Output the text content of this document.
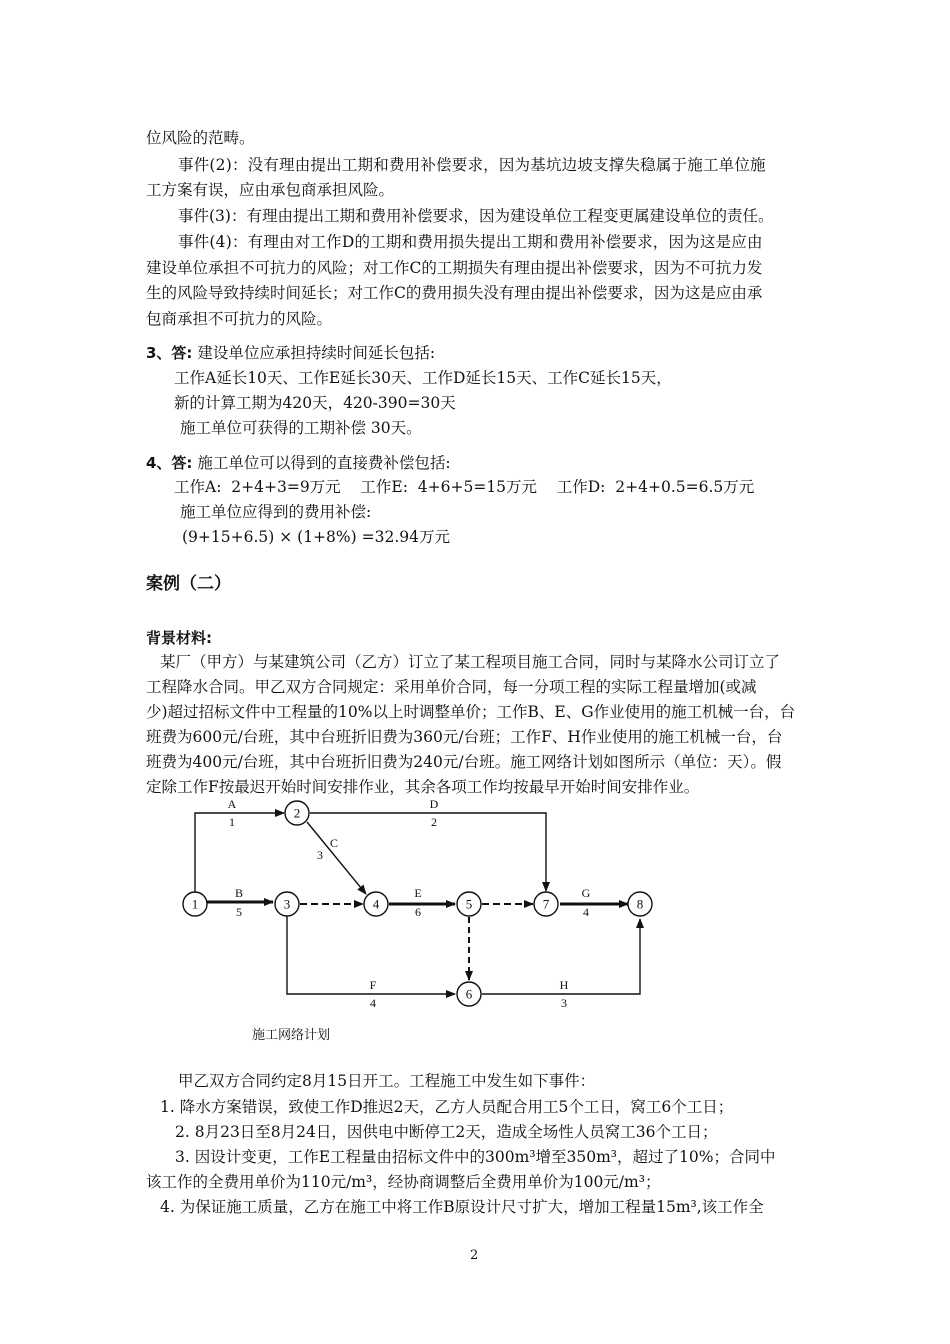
位风险的范畴。
事件(2)：没有理由提出工期和费用补偿要求，因为基坑边坡支撑失稳属于施工单位施
工方案有误，应由承包商承担风险。
事件(3)：有理由提出工期和费用补偿要求，因为建设单位工程变更属建设单位的责任。
事件(4)：有理由对工作D的工期和费用损失提出工期和费用补偿要求，因为这是应由
建设单位承担不可抗力的风险；对工作C的工期损失有理由提出补偿要求，因为不可抗力发
生的风险导致持续时间延长；对工作C的费用损失没有理由提出补偿要求，因为这是应由承
包商承担不可抗力的风险。
3、答: 建设单位应承担持续时间延长包括:
工作A延长10天、工作E延长30天、工作D延长15天、工作C延长15天，
新的计算工期为420天，420-390=30天
施工单位可获得的工期补偿 30天。
4、答: 施工单位可以得到的直接费补偿包括:
工作A:  2+4+3=9万元    工作E:  4+6+5=15万元    工作D:  2+4+0.5=6.5万元
施工单位应得到的费用补偿:
(9+15+6.5) × (1+8%) =32.94万元
案例（二）
背景材料:
某厂（甲方）与某建筑公司（乙方）订立了某工程项目施工合同，同时与某降水公司订立了
工程降水合同。甲乙双方合同规定：采用单价合同，每一分项工程的实际工程量增加(或减
少)超过招标文件中工程量的10%以上时调整单价；工作B、E、G作业使用的施工机械一台，台
班费为600元/台班，其中台班折旧费为360元/台班；工作F、H作业使用的施工机械一台，台
班费为400元/台班，其中台班折旧费为240元/台班。施工网络计划如图所示（单位：天）。假
定除工作F按最迟开始时间安排作业，其余各项工作均按最早开始时间安排作业。
1
2
3	4	5
6
7	8
A
1
B
5
C
3
D
2
E
6
F
4
G
4
H
3
施工网络计划
甲乙双方合同约定8月15日开工。工程施工中发生如下事件：
1. 降水方案错误，致使工作D推迟2天，乙方人员配合用工5个工日，窝工6个工日；
2. 8月23日至8月24日，因供电中断停工2天，造成全场性人员窝工36个工日；
3. 因设计变更，工作E工程量由招标文件中的300m³增至350m³，超过了10%；合同中
该工作的全费用单价为110元/m³，经协商调整后全费用单价为100元/m³；
4. 为保证施工质量，乙方在施工中将工作B原设计尺寸扩大，增加工程量15m³,该工作全
2
